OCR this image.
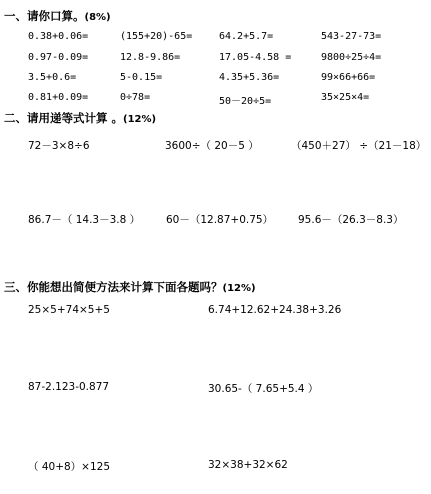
一、请你口算。(8%)
0.38+0.06=	(155+20)-65=	64.2+5.7=	543-27-73=
0.97-0.09=	12.8-9.86=	17.05-4.58 =	9800÷25÷4=
3.5+0.6=	5-0.15=	4.35+5.36=	99×66+66=
0.81+0.09=	0÷78=	50－20÷5=	35×25×4=
二、请用递等式计算 。(12%)
72－3×8÷6	3600÷（ 20－5 ）	（450＋27） ÷（21－18）
86.7－（ 14.3－3.8 ） 60－（12.87+0.75） 95.6－（26.3－8.3）
三、你能想出简便方法来计算下面各题吗？(12%)
25×5+74×5+5	6.74+12.62+24.38+3.26
87-2.123-0.877	30.65-（ 7.65+5.4 ）
（ 40+8）×125	32×38+32×62
